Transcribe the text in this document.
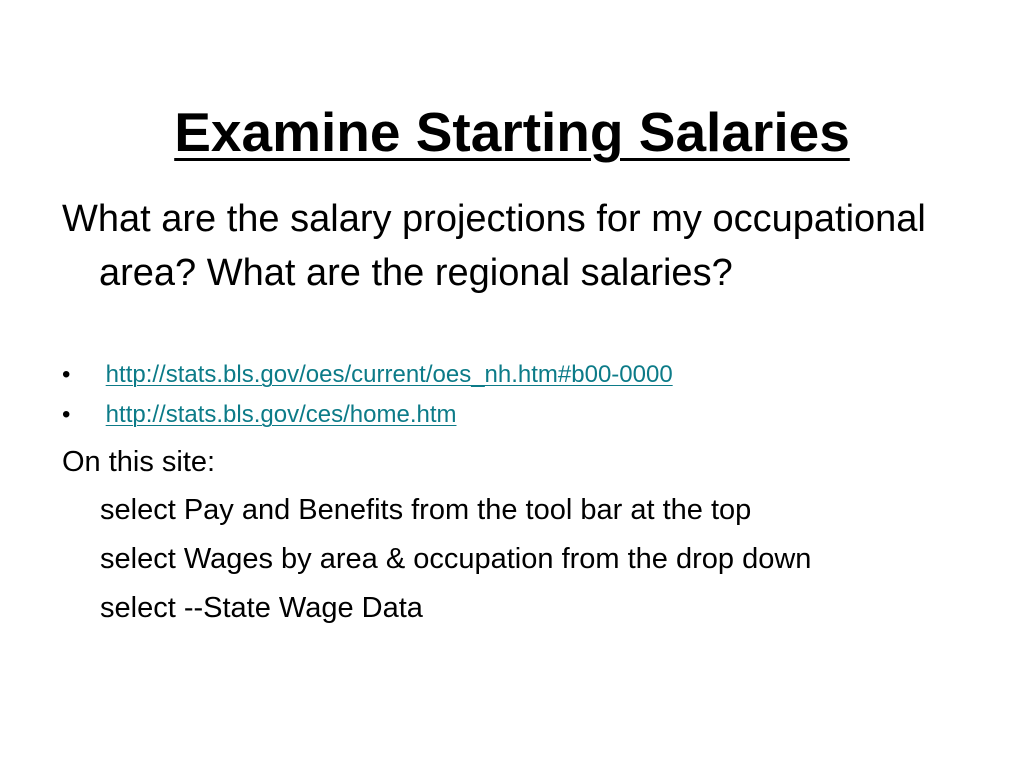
Examine Starting Salaries
What are the salary projections for my occupational area? What are the regional salaries?
• http://stats.bls.gov/oes/current/oes_nh.htm#b00-0000
• http://stats.bls.gov/ces/home.htm
On this site:
select Pay and Benefits from the tool bar at the top
select Wages by area & occupation from the drop down
select --State Wage Data
